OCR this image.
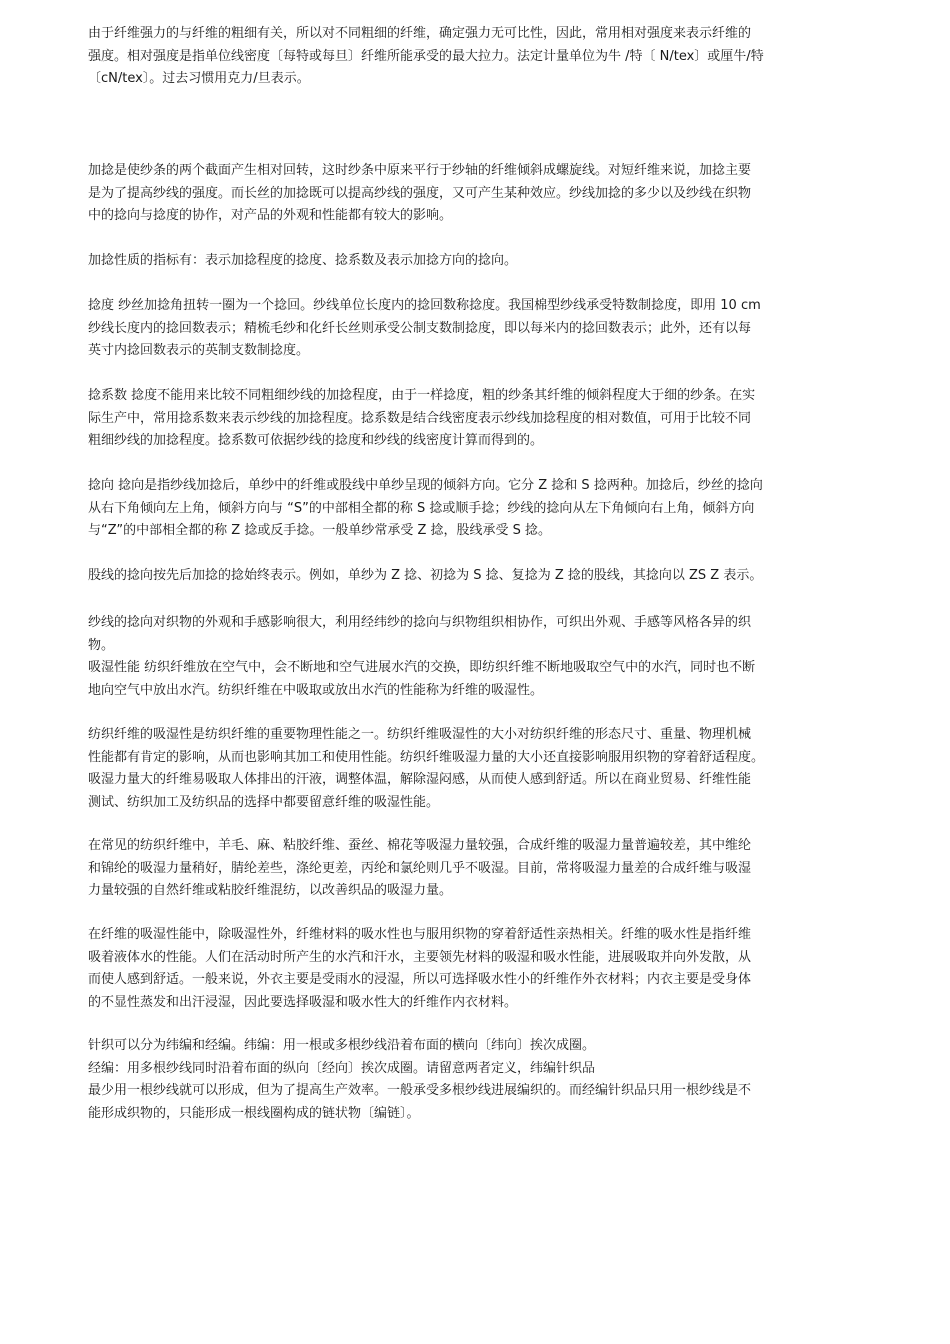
由于纤维强力的与纤维的粗细有关，所以对不同粗细的纤维，确定强力无可比性，因此，常用相对强度来表示纤维的
强度。相对强度是指单位线密度〔每特或每旦〕纤维所能承受的最大拉力。法定计量单位为牛 /特〔 N/tex〕或厘牛/特
〔cN/tex〕。过去习惯用克力/旦表示。

加捻是使纱条的两个截面产生相对回转，这时纱条中原来平行于纱轴的纤维倾斜成螺旋线。对短纤维来说，加捻主要
是为了提高纱线的强度。而长丝的加捻既可以提高纱线的强度，又可产生某种效应。纱线加捻的多少以及纱线在织物
中的捻向与捻度的协作，对产品的外观和性能都有较大的影响。

加捻性质的指标有：表示加捻程度的捻度、捻系数及表示加捻方向的捻向。

捻度 纱丝加捻角扭转一圈为一个捻回。纱线单位长度内的捻回数称捻度。我国棉型纱线承受特数制捻度，即用 10 cm
纱线长度内的捻回数表示；精梳毛纱和化纤长丝则承受公制支数制捻度，即以每米内的捻回数表示；此外，还有以每
英寸内捻回数表示的英制支数制捻度。

捻系数 捻度不能用来比较不同粗细纱线的加捻程度，由于一样捻度，粗的纱条其纤维的倾斜程度大于细的纱条。在实
际生产中，常用捻系数来表示纱线的加捻程度。捻系数是结合线密度表示纱线加捻程度的相对数值，可用于比较不同
粗细纱线的加捻程度。捻系数可依据纱线的捻度和纱线的线密度计算而得到的。

捻向 捻向是指纱线加捻后，单纱中的纤维或股线中单纱呈现的倾斜方向。它分 Z 捻和 S 捻两种。加捻后，纱丝的捻向
从右下角倾向左上角，倾斜方向与 “S”的中部相全都的称 S 捻或顺手捻；纱线的捻向从左下角倾向右上角，倾斜方向
与“Z”的中部相全都的称 Z 捻或反手捻。一般单纱常承受 Z 捻，股线承受 S 捻。

股线的捻向按先后加捻的捻始终表示。例如，单纱为 Z 捻、初捻为 S 捻、复捻为 Z 捻的股线，其捻向以 ZS Z 表示。

纱线的捻向对织物的外观和手感影响很大，利用经纬纱的捻向与织物组织相协作，可织出外观、手感等风格各异的织
物。

吸湿性能 纺织纤维放在空气中，会不断地和空气进展水汽的交换，即纺织纤维不断地吸取空气中的水汽，同时也不断
地向空气中放出水汽。纺织纤维在中吸取或放出水汽的性能称为纤维的吸湿性。

纺织纤维的吸湿性是纺织纤维的重要物理性能之一。纺织纤维吸湿性的大小对纺织纤维的形态尺寸、重量、物理机械
性能都有肯定的影响，从而也影响其加工和使用性能。纺织纤维吸湿力量的大小还直接影响服用织物的穿着舒适程度。
吸湿力量大的纤维易吸取人体排出的汗液，调整体温，解除湿闷感，从而使人感到舒适。所以在商业贸易、纤维性能
测试、纺织加工及纺织品的选择中都要留意纤维的吸湿性能。

在常见的纺织纤维中，羊毛、麻、粘胶纤维、蚕丝、棉花等吸湿力量较强，合成纤维的吸湿力量普遍较差，其中维纶
和锦纶的吸湿力量稍好，腈纶差些，涤纶更差，丙纶和氯纶则几乎不吸湿。目前，常将吸湿力量差的合成纤维与吸湿
力量较强的自然纤维或粘胶纤维混纺，以改善织品的吸湿力量。

在纤维的吸湿性能中，除吸湿性外，纤维材料的吸水性也与服用织物的穿着舒适性亲热相关。纤维的吸水性是指纤维
吸着液体水的性能。人们在活动时所产生的水汽和汗水，主要领先材料的吸湿和吸水性能，进展吸取并向外发散，从
而使人感到舒适。一般来说，外衣主要是受雨水的浸湿，所以可选择吸水性小的纤维作外衣材料；内衣主要是受身体
的不显性蒸发和出汗浸湿，因此要选择吸湿和吸水性大的纤维作内衣材料。

针织可以分为纬编和经编。纬编：用一根或多根纱线沿着布面的横向〔纬向〕挨次成圈。
经编：用多根纱线同时沿着布面的纵向〔经向〕挨次成圈。请留意两者定义，纬编针织品
最少用一根纱线就可以形成，但为了提高生产效率。一般承受多根纱线进展编织的。而经编针织品只用一根纱线是不
能形成织物的，只能形成一根线圈构成的链状物〔编链〕。
